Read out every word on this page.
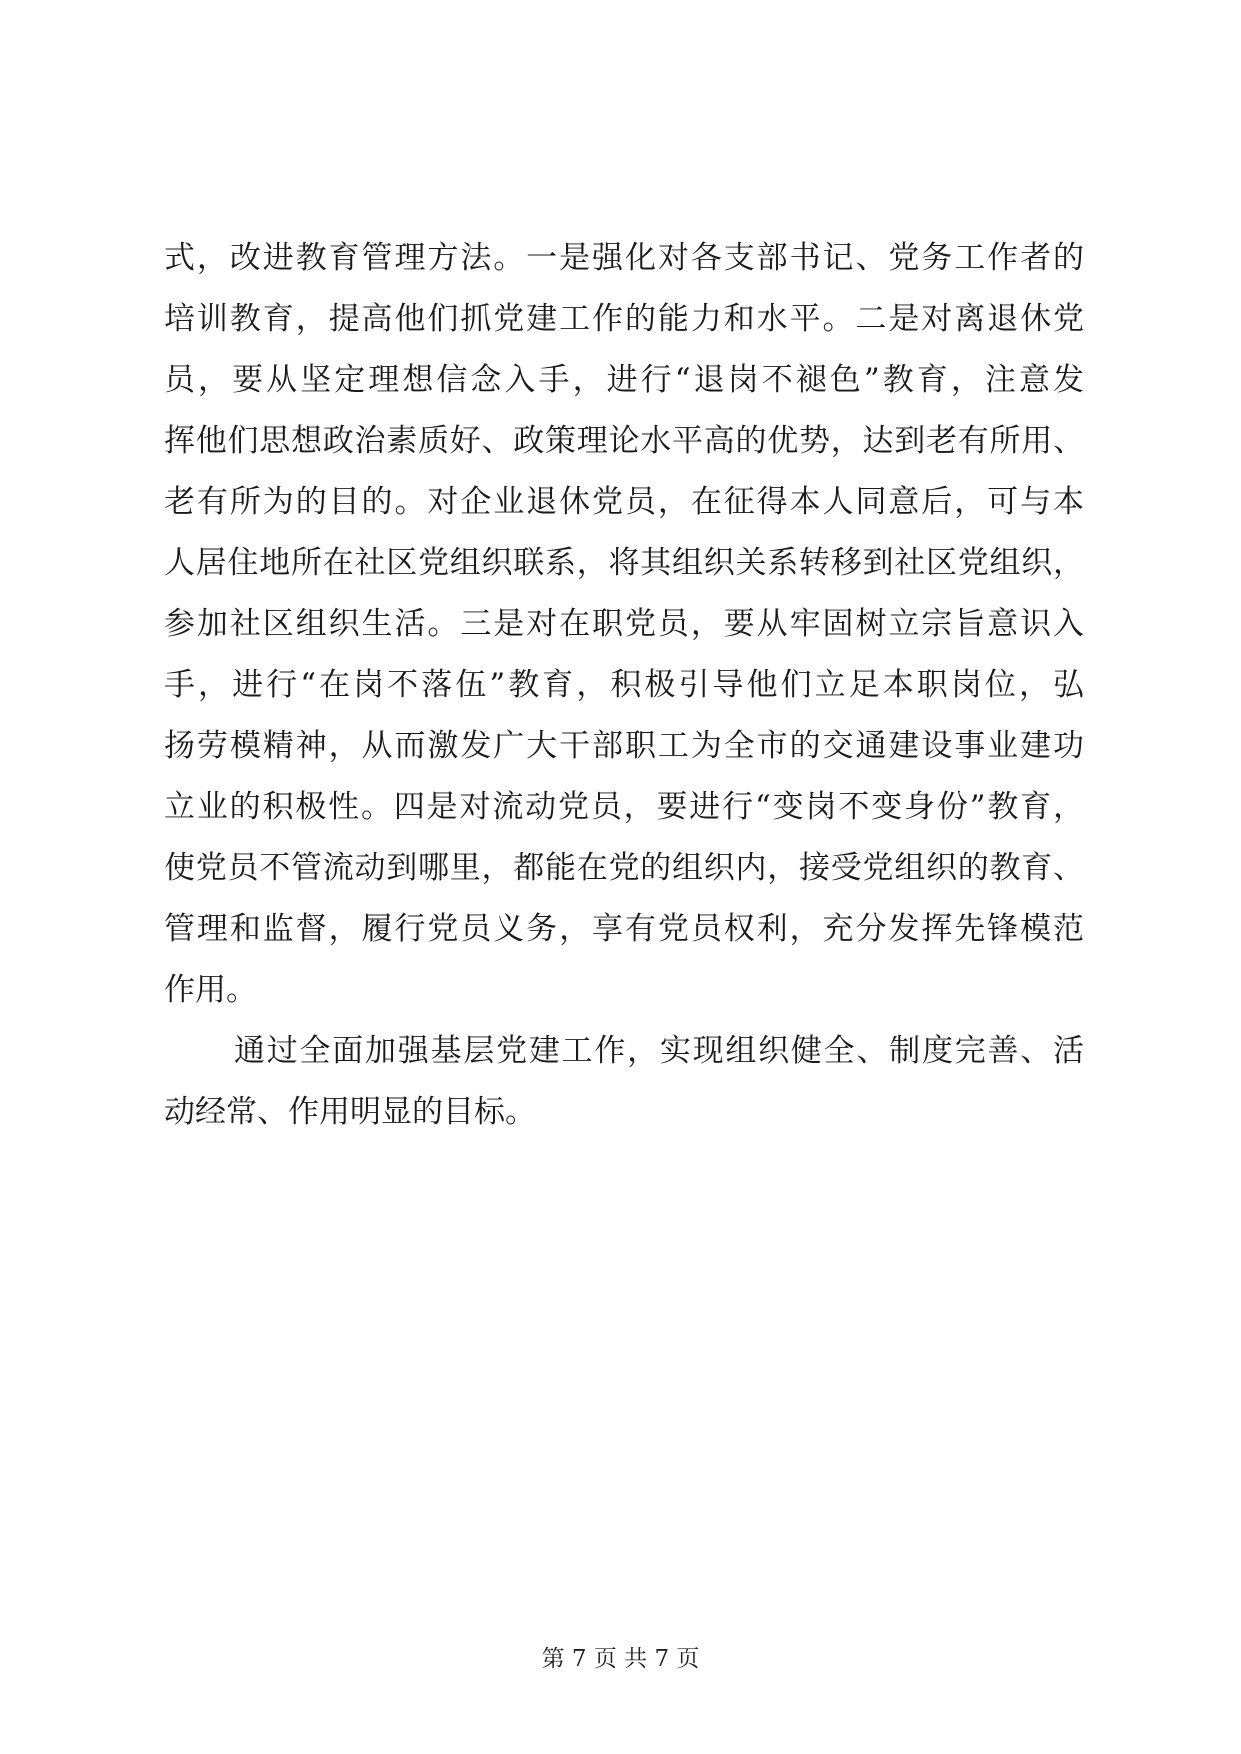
式，改进教育管理方法。一是强化对各支部书记、党务工作者的
培训教育，提高他们抓党建工作的能力和水平。二是对离退休党
员，要从坚定理想信念入手，进行“退岗不褪色”教育，注意发
挥他们思想政治素质好、政策理论水平高的优势，达到老有所用、
老有所为的目的。对企业退休党员，在征得本人同意后，可与本
人居住地所在社区党组织联系，将其组织关系转移到社区党组织，
参加社区组织生活。三是对在职党员，要从牢固树立宗旨意识入
手，进行“在岗不落伍”教育，积极引导他们立足本职岗位，弘
扬劳模精神，从而激发广大干部职工为全市的交通建设事业建功
立业的积极性。四是对流动党员，要进行“变岗不变身份”教育，
使党员不管流动到哪里，都能在党的组织内，接受党组织的教育、
管理和监督，履行党员义务，享有党员权利，充分发挥先锋模范
作用。
通过全面加强基层党建工作，实现组织健全、制度完善、活
动经常、作用明显的目标。
第 7 页 共 7 页
